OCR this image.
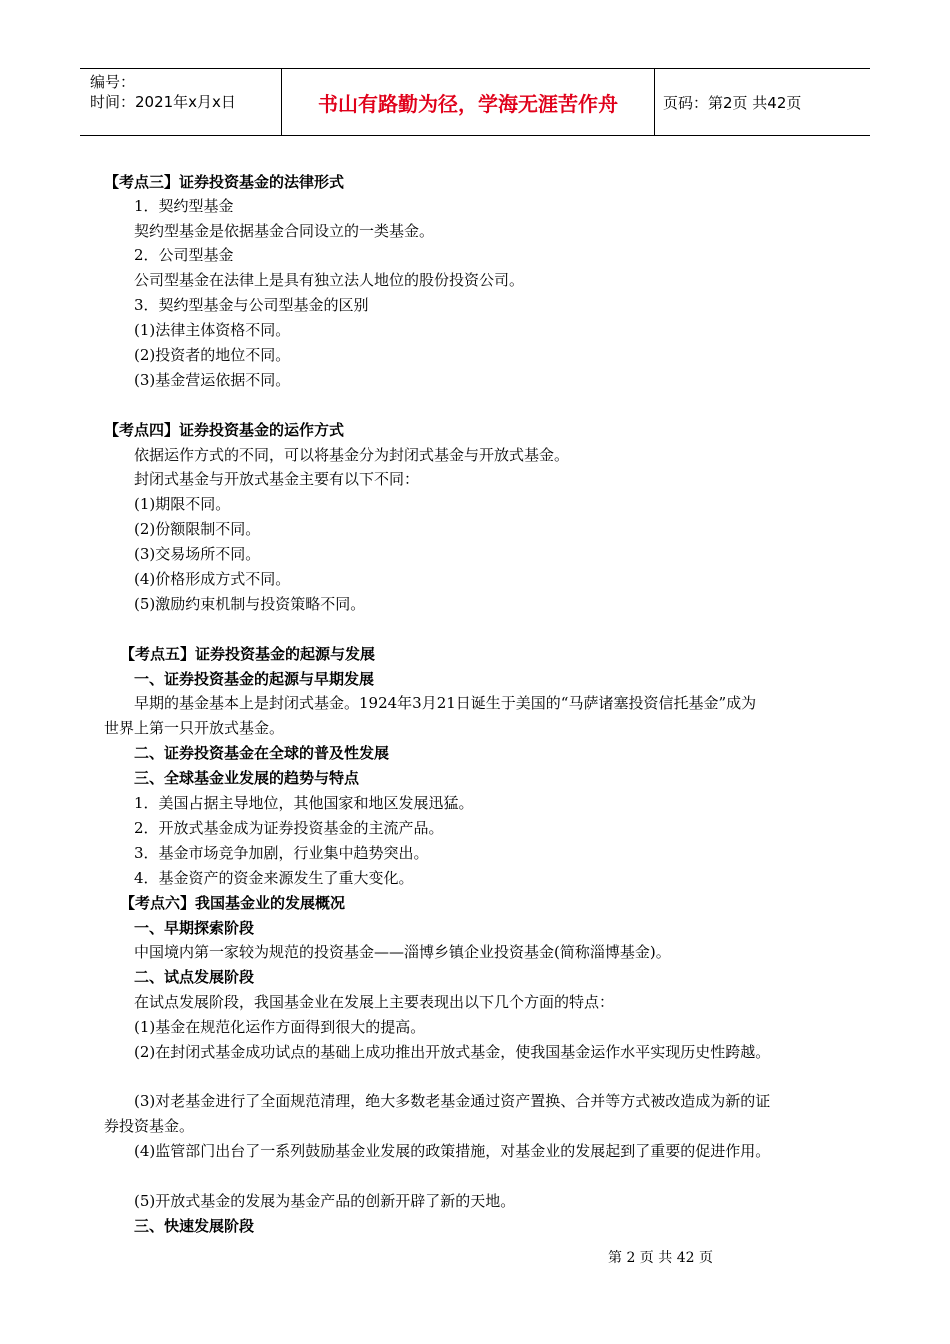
编号：
时间：2021年x月x日	书山有路勤为径，学海无涯苦作舟	页码：第2页 共42页
【考点三】证券投资基金的法律形式
1．契约型基金
契约型基金是依据基金合同设立的一类基金。
2．公司型基金
公司型基金在法律上是具有独立法人地位的股份投资公司。
3．契约型基金与公司型基金的区别
(1)法律主体资格不同。
(2)投资者的地位不同。
(3)基金营运依据不同。
【考点四】证券投资基金的运作方式
依据运作方式的不同，可以将基金分为封闭式基金与开放式基金。
封闭式基金与开放式基金主要有以下不同：
(1)期限不同。
(2)份额限制不同。
(3)交易场所不同。
(4)价格形成方式不同。
(5)激励约束机制与投资策略不同。
【考点五】证券投资基金的起源与发展
一、证券投资基金的起源与早期发展
早期的基金基本上是封闭式基金。1924年3月21日诞生于美国的“马萨诸塞投资信托基金”成为
世界上第一只开放式基金。
二、证券投资基金在全球的普及性发展
三、全球基金业发展的趋势与特点
1．美国占据主导地位，其他国家和地区发展迅猛。
2．开放式基金成为证券投资基金的主流产品。
3．基金市场竞争加剧，行业集中趋势突出。
4．基金资产的资金来源发生了重大变化。
【考点六】我国基金业的发展概况
一、早期探索阶段
中国境内第一家较为规范的投资基金——淄博乡镇企业投资基金(简称淄博基金)。
二、试点发展阶段
在试点发展阶段，我国基金业在发展上主要表现出以下几个方面的特点：
(1)基金在规范化运作方面得到很大的提高。
(2)在封闭式基金成功试点的基础上成功推出开放式基金，使我国基金运作水平实现历史性跨越。
(3)对老基金进行了全面规范清理，绝大多数老基金通过资产置换、合并等方式被改造成为新的证
券投资基金。
(4)监管部门出台了一系列鼓励基金业发展的政策措施，对基金业的发展起到了重要的促进作用。
(5)开放式基金的发展为基金产品的创新开辟了新的天地。
三、快速发展阶段
第 2 页 共 42 页
